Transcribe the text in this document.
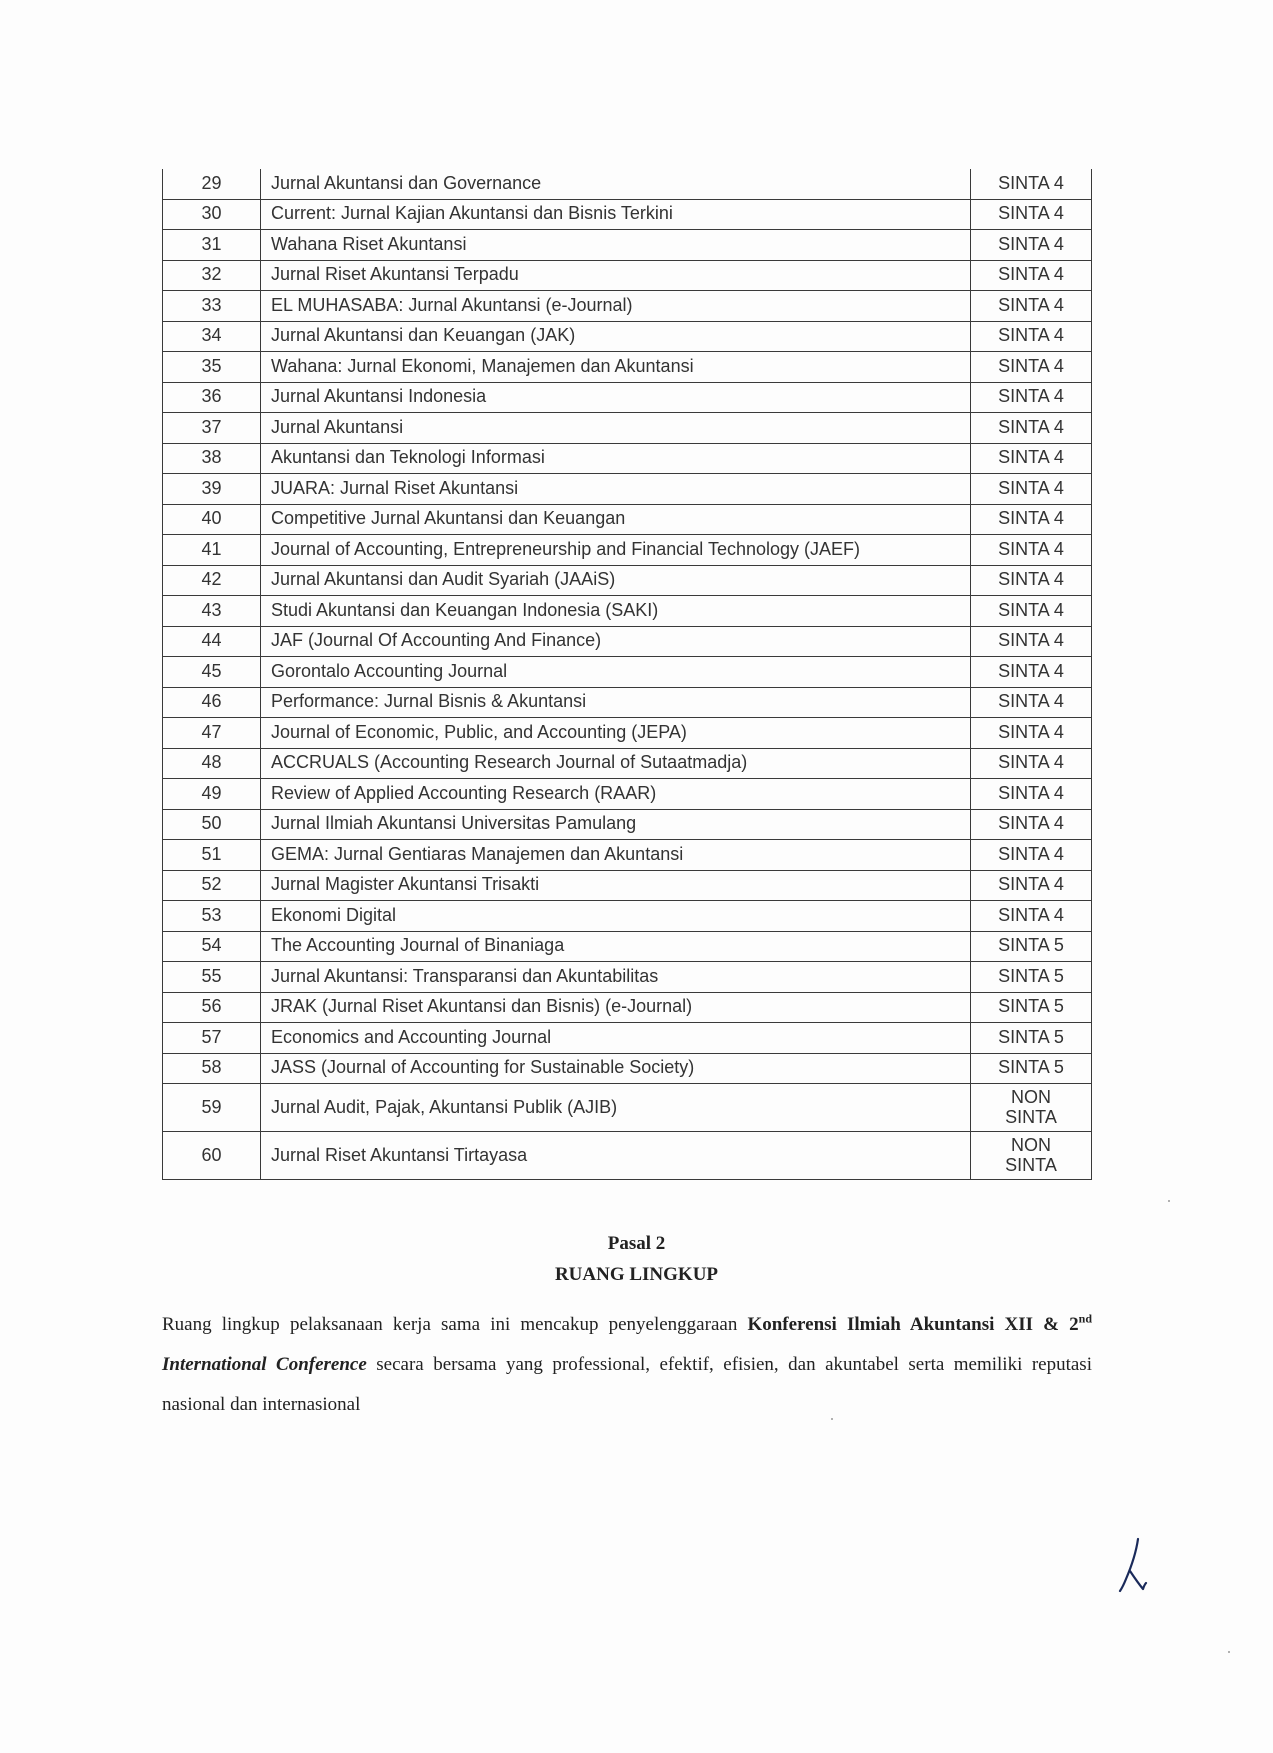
29	Jurnal Akuntansi dan Governance	SINTA 4
30	Current: Jurnal Kajian Akuntansi dan Bisnis Terkini	SINTA 4
31	Wahana Riset Akuntansi	SINTA 4
32	Jurnal Riset Akuntansi Terpadu	SINTA 4
33	EL MUHASABA: Jurnal Akuntansi (e-Journal)	SINTA 4
34	Jurnal Akuntansi dan Keuangan (JAK)	SINTA 4
35	Wahana: Jurnal Ekonomi, Manajemen dan Akuntansi	SINTA 4
36	Jurnal Akuntansi Indonesia	SINTA 4
37	Jurnal Akuntansi	SINTA 4
38	Akuntansi dan Teknologi Informasi	SINTA 4
39	JUARA: Jurnal Riset Akuntansi	SINTA 4
40	Competitive Jurnal Akuntansi dan Keuangan	SINTA 4
41	Journal of Accounting, Entrepreneurship and Financial Technology (JAEF)	SINTA 4
42	Jurnal Akuntansi dan Audit Syariah (JAAiS)	SINTA 4
43	Studi Akuntansi dan Keuangan Indonesia (SAKI)	SINTA 4
44	JAF (Journal Of Accounting And Finance)	SINTA 4
45	Gorontalo Accounting Journal	SINTA 4
46	Performance: Jurnal Bisnis & Akuntansi	SINTA 4
47	Journal of Economic, Public, and Accounting (JEPA)	SINTA 4
48	ACCRUALS (Accounting Research Journal of Sutaatmadja)	SINTA 4
49	Review of Applied Accounting Research (RAAR)	SINTA 4
50	Jurnal Ilmiah Akuntansi Universitas Pamulang	SINTA 4
51	GEMA: Jurnal Gentiaras Manajemen dan Akuntansi	SINTA 4
52	Jurnal Magister Akuntansi Trisakti	SINTA 4
53	Ekonomi Digital	SINTA 4
54	The Accounting Journal of Binaniaga	SINTA 5
55	Jurnal Akuntansi: Transparansi dan Akuntabilitas	SINTA 5
56	JRAK (Jurnal Riset Akuntansi dan Bisnis) (e-Journal)	SINTA 5
57	Economics and Accounting Journal	SINTA 5
58	JASS (Journal of Accounting for Sustainable Society)	SINTA 5
59	Jurnal Audit, Pajak, Akuntansi Publik (AJIB)	NON SINTA
60	Jurnal Riset Akuntansi Tirtayasa	NON SINTA
Pasal 2
RUANG LINGKUP
Ruang lingkup pelaksanaan kerja sama ini mencakup penyelenggaraan Konferensi Ilmiah Akuntansi XII & 2nd International Conference secara bersama yang professional, efektif, efisien, dan akuntabel serta memiliki reputasi nasional dan internasional
